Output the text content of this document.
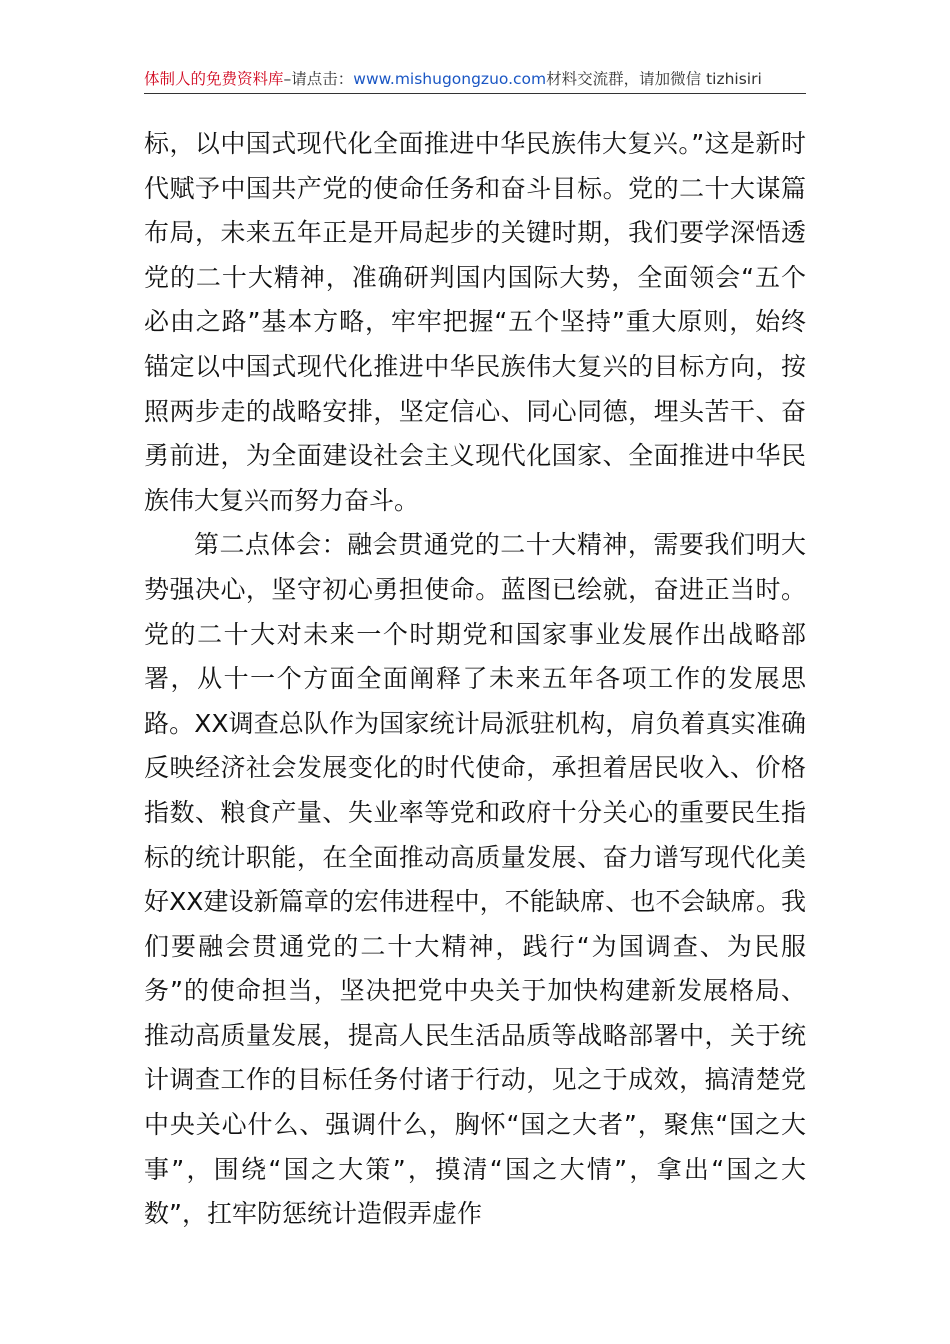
体制人的免费资料库–请点击：www.mishugongzuo.com材料交流群，请加微信 tizhisiri

标，以中国式现代化全面推进中华民族伟大复兴。”这是新时代赋予中国共产党的使命任务和奋斗目标。党的二十大谋篇布局，未来五年正是开局起步的关键时期，我们要学深悟透党的二十大精神，准确研判国内国际大势，全面领会“五个必由之路”基本方略，牢牢把握“五个坚持”重大原则，始终锚定以中国式现代化推进中华民族伟大复兴的目标方向，按照两步走的战略安排，坚定信心、同心同德，埋头苦干、奋勇前进，为全面建设社会主义现代化国家、全面推进中华民族伟大复兴而努力奋斗。

第二点体会：融会贯通党的二十大精神，需要我们明大势强决心，坚守初心勇担使命。蓝图已绘就，奋进正当时。党的二十大对未来一个时期党和国家事业发展作出战略部署，从十一个方面全面阐释了未来五年各项工作的发展思路。XX调查总队作为国家统计局派驻机构，肩负着真实准确反映经济社会发展变化的时代使命，承担着居民收入、价格指数、粮食产量、失业率等党和政府十分关心的重要民生指标的统计职能，在全面推动高质量发展、奋力谱写现代化美好XX建设新篇章的宏伟进程中，不能缺席、也不会缺席。我们要融会贯通党的二十大精神，践行“为国调查、为民服务”的使命担当，坚决把党中央关于加快构建新发展格局、推动高质量发展，提高人民生活品质等战略部署中，关于统计调查工作的目标任务付诸于行动，见之于成效，搞清楚党中央关心什么、强调什么，胸怀“国之大者”，聚焦“国之大事”，围绕“国之大策”，摸清“国之大情”，拿出“国之大数”，扛牢防惩统计造假弄虚作
